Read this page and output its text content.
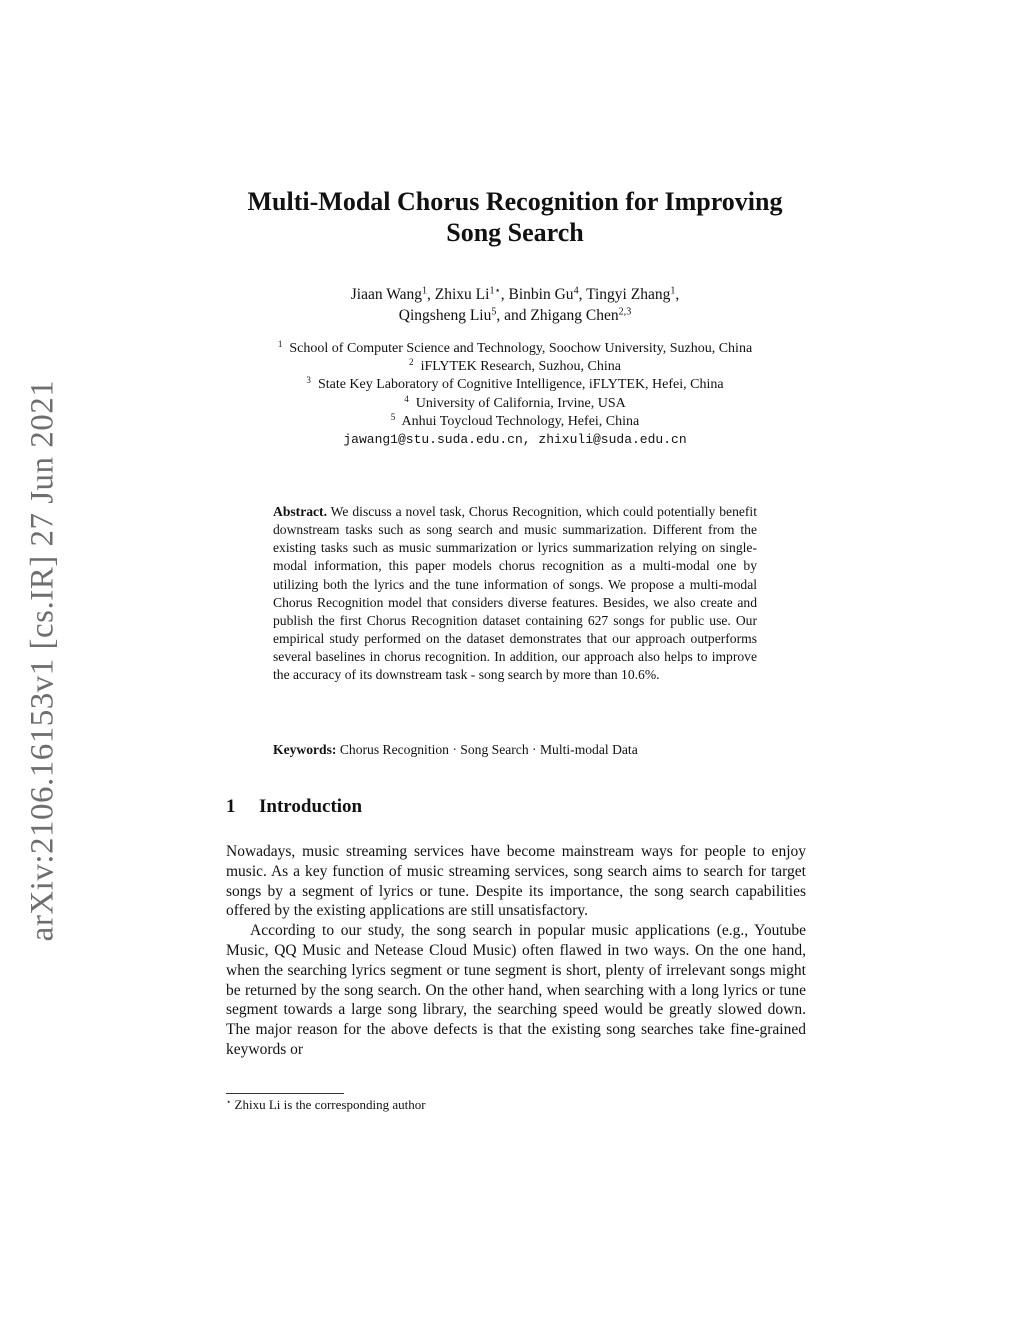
arXiv:2106.16153v1 [cs.IR] 27 Jun 2021
Multi-Modal Chorus Recognition for Improving
Song Search

Jiaan Wang$^1$, Zhixu $Li^{1⋆}$, Binbin Gu$^4$, Tingyi Zhang$^1$,
Qingsheng Liu$^5$, and Zhigang Chen$^{2,3}$

$^1$ School of Computer Science and Technology, Soochow University, Suzhou, China
$^2$ iFLYTEK Research, Suzhou, China
$^3$ State Key Laboratory of Cognitive Intelligence, iFLYTEK, Hefei, China
$^4$ University of California, Irvine, USA
$^5$ Anhui Toycloud Technology, Hefei, China
jawang1@stu.suda.edu.cn, zhixuli@suda.edu.cn

Abstract. We discuss a novel task, Chorus Recognition, which could potentially benefit downstream tasks such as song search and music summarization. Different from the existing tasks such as music summarization or lyrics summarization relying on single-modal information, this paper models chorus recognition as a multi-modal one by utilizing both the lyrics and the tune information of songs. We propose a multi-modal Chorus Recognition model that considers diverse features. Besides, we also create and publish the first Chorus Recognition dataset containing 627 songs for public use. Our empirical study performed on the dataset demonstrates that our approach outperforms several baselines in chorus recognition. In addition, our approach also helps to improve the accuracy of its downstream task - song search by more than 10.6%.

Keywords: Chorus Recognition · Song Search · Multi-modal Data

1 Introduction

Nowadays, music streaming services have become mainstream ways for people to enjoy music. As a key function of music streaming services, song search aims to search for target songs by a segment of lyrics or tune. Despite its importance, the song search capabilities offered by the existing applications are still unsatisfactory.

According to our study, the song search in popular music applications (e.g., Youtube Music, QQ Music and Netease Cloud Music) often flawed in two ways. On the one hand, when the searching lyrics segment or tune segment is short, plenty of irrelevant songs might be returned by the song search. On the other hand, when searching with a long lyrics or tune segment towards a large song library, the searching speed would be greatly slowed down. The major reason for the above defects is that the existing song searches take fine-grained keywords or

⋆ Zhixu Li is the corresponding author
